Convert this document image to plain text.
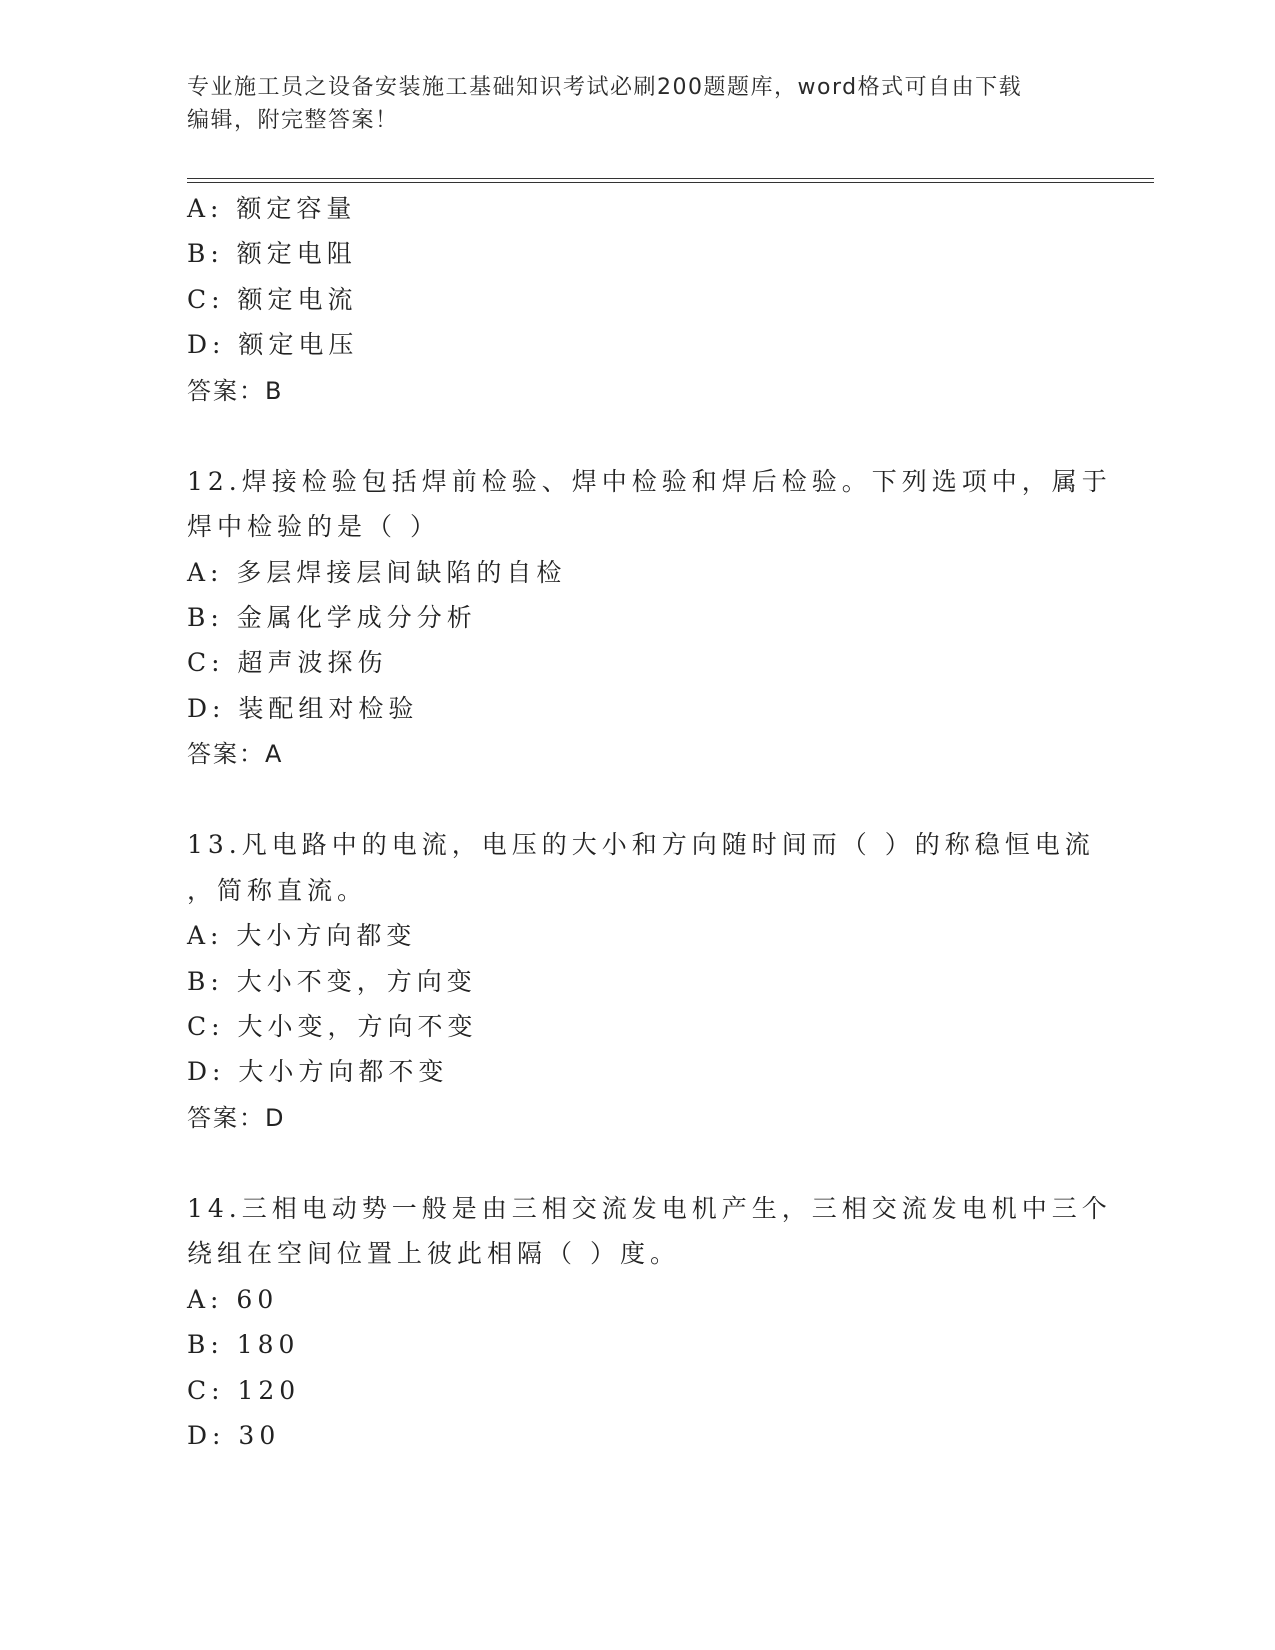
专业施工员之设备安装施工基础知识考试必刷200题题库，word格式可自由下载
编辑，附完整答案！
A: 额定容量
B: 额定电阻
C: 额定电流
D: 额定电压
答案：B
12.焊接检验包括焊前检验、焊中检验和焊后检验。下列选项中，属于
焊中检验的是（ ）
A: 多层焊接层间缺陷的自检
B: 金属化学成分分析
C: 超声波探伤
D: 装配组对检验
答案：A
13.凡电路中的电流，电压的大小和方向随时间而（ ）的称稳恒电流
，简称直流。
A: 大小方向都变
B: 大小不变，方向变
C: 大小变，方向不变
D: 大小方向都不变
答案：D
14.三相电动势一般是由三相交流发电机产生，三相交流发电机中三个
绕组在空间位置上彼此相隔（ ）度。
A: 60
B: 180
C: 120
D: 30
